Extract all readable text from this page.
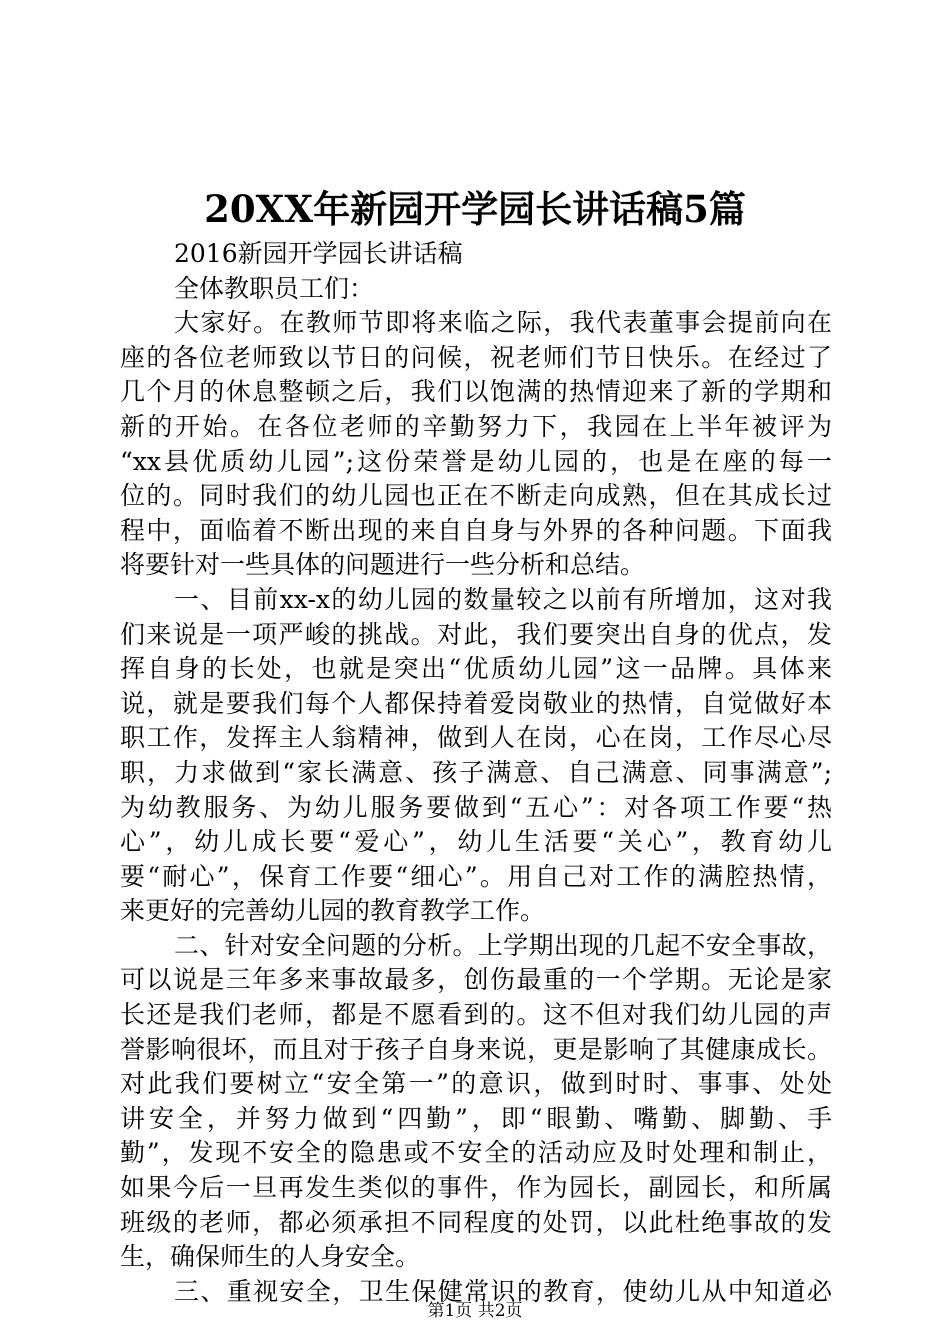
20XX年新园开学园长讲话稿5篇
2016新园开学园长讲话稿
全体教职员工们：
大家好。在教师节即将来临之际，我代表董事会提前向在
座的各位老师致以节日的问候，祝老师们节日快乐。在经过了
几个月的休息整顿之后，我们以饱满的热情迎来了新的学期和
新的开始。在各位老师的辛勤努力下，我园在上半年被评为
“xx县优质幼儿园”;这份荣誉是幼儿园的，也是在座的每一
位的。同时我们的幼儿园也正在不断走向成熟，但在其成长过
程中，面临着不断出现的来自自身与外界的各种问题。下面我
将要针对一些具体的问题进行一些分析和总结。
一、目前xx-x的幼儿园的数量较之以前有所增加，这对我
们来说是一项严峻的挑战。对此，我们要突出自身的优点，发
挥自身的长处，也就是突出“优质幼儿园”这一品牌。具体来
说，就是要我们每个人都保持着爱岗敬业的热情，自觉做好本
职工作，发挥主人翁精神，做到人在岗，心在岗，工作尽心尽
职，力求做到“家长满意、孩子满意、自己满意、同事满意”;
为幼教服务、为幼儿服务要做到“五心”：对各项工作要“热
心”，幼儿成长要“爱心”，幼儿生活要“关心”，教育幼儿
要“耐心”，保育工作要“细心”。用自己对工作的满腔热情，
来更好的完善幼儿园的教育教学工作。
二、针对安全问题的分析。上学期出现的几起不安全事故，
可以说是三年多来事故最多，创伤最重的一个学期。无论是家
长还是我们老师，都是不愿看到的。这不但对我们幼儿园的声
誉影响很坏，而且对于孩子自身来说，更是影响了其健康成长。
对此我们要树立“安全第一”的意识，做到时时、事事、处处
讲安全，并努力做到“四勤”，即“眼勤、嘴勤、脚勤、手
勤”，发现不安全的隐患或不安全的活动应及时处理和制止，
如果今后一旦再发生类似的事件，作为园长，副园长，和所属
班级的老师，都必须承担不同程度的处罚，以此杜绝事故的发
生，确保师生的人身安全。
三、重视安全，卫生保健常识的教育，使幼儿从中知道必
第1页 共2页
